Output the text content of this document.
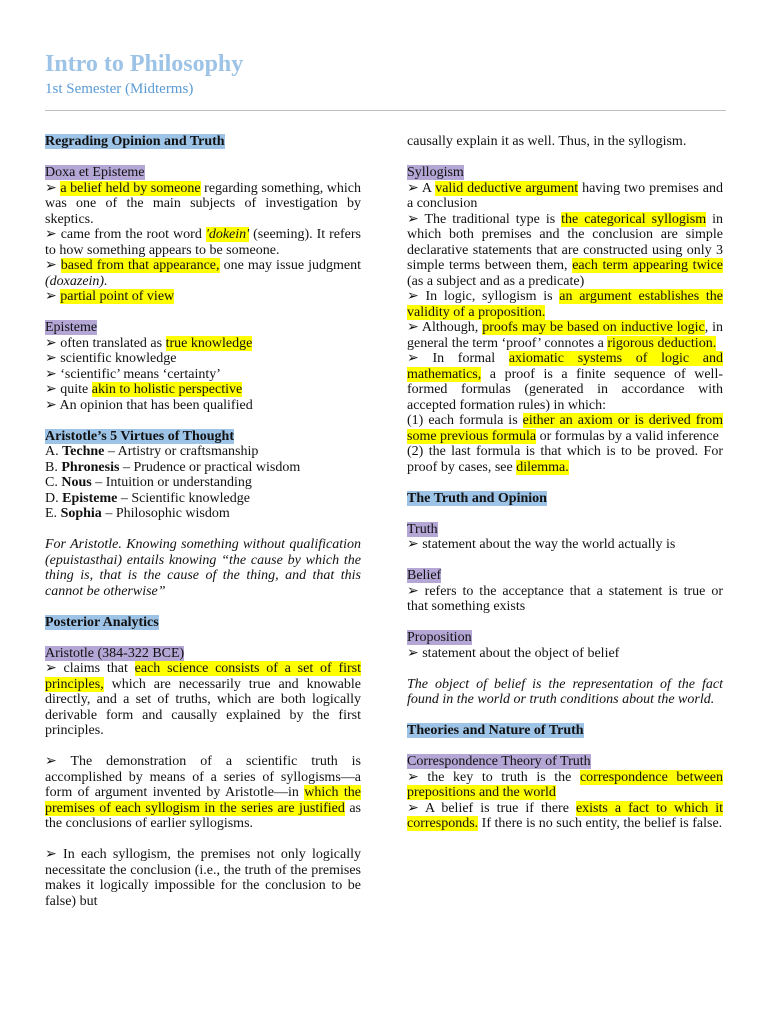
Intro to Philosophy
1st Semester (Midterms)

Regrading Opinion and Truth

Doxa et Episteme

➢ a belief held by someone regarding something, which was one of the main subjects of investigation by skeptics.

➢ came from the root word 'dokein' (seeming). It refers to how something appears to be someone.

➢ based from that appearance, one may issue judgment (doxazein).

➢ partial point of view

Episteme

➢ often translated as true knowledge

➢ scientific knowledge

➢ ‘scientific’ means ‘certainty’

➢ quite akin to holistic perspective

➢ An opinion that has been qualified

Aristotle’s 5 Virtues of Thought

A. Techne – Artistry or craftsmanship

B. Phronesis – Prudence or practical wisdom

C. Nous – Intuition or understanding

D. Episteme – Scientific knowledge

E. Sophia – Philosophic wisdom

For Aristotle. Knowing something without qualification (epuistasthai) entails knowing “the cause by which the thing is, that is the cause of the thing, and that this cannot be otherwise”

Posterior Analytics

Aristotle (384-322 BCE)

➢ claims that each science consists of a set of first principles, which are necessarily true and knowable directly, and a set of truths, which are both logically derivable form and causally explained by the first principles.

➢ The demonstration of a scientific truth is accomplished by means of a series of syllogisms—a form of argument invented by Aristotle—in which the premises of each syllogism in the series are justified as the conclusions of earlier syllogisms.

➢ In each syllogism, the premises not only logically necessitate the conclusion (i.e., the truth of the premises makes it logically impossible for the conclusion to be false) but

causally explain it as well. Thus, in the syllogism.

Syllogism

➢ A valid deductive argument having two premises and a conclusion

➢ The traditional type is the categorical syllogism in which both premises and the conclusion are simple declarative statements that are constructed using only 3 simple terms between them, each term appearing twice (as a subject and as a predicate)

➢ In logic, syllogism is an argument establishes the validity of a proposition.

➢ Although, proofs may be based on inductive logic, in general the term ‘proof’ connotes a rigorous deduction.

➢ In formal axiomatic systems of logic and mathematics, a proof is a finite sequence of well-formed formulas (generated in accordance with accepted formation rules) in which:

(1) each formula is either an axiom or is derived from some previous formula or formulas by a valid inference

(2) the last formula is that which is to be proved. For proof by cases, see dilemma.

The Truth and Opinion

Truth

➢ statement about the way the world actually is

Belief

➢ refers to the acceptance that a statement is true or that something exists

Proposition

➢ statement about the object of belief

The object of belief is the representation of the fact found in the world or truth conditions about the world.

Theories and Nature of Truth

Correspondence Theory of Truth

➢ the key to truth is the correspondence between prepositions and the world

➢ A belief is true if there exists a fact to which it corresponds. If there is no such entity, the belief is false.
